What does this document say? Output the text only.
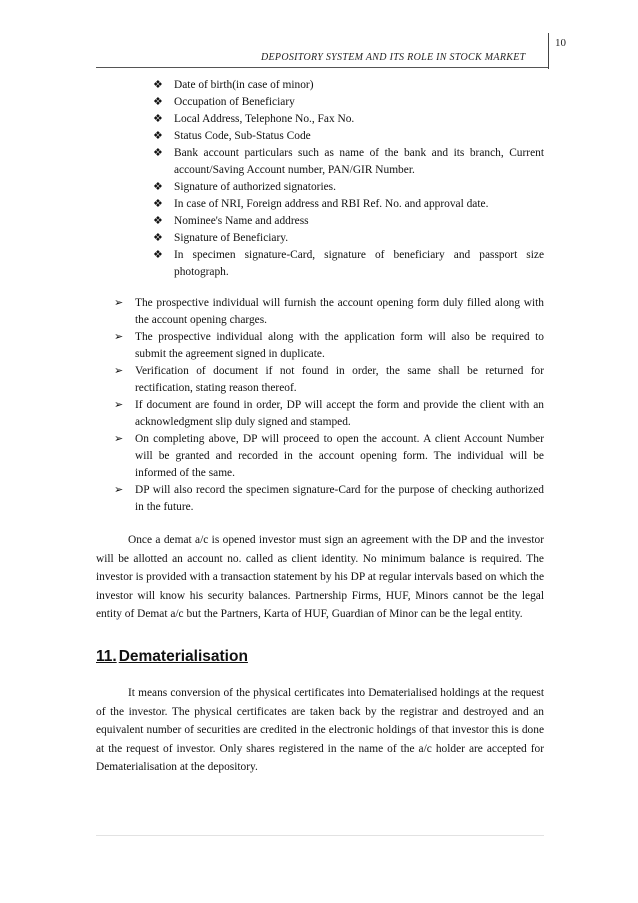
10
DEPOSITORY SYSTEM AND ITS ROLE IN STOCK MARKET
❖ Date of birth(in case of minor)
❖ Occupation of Beneficiary
❖ Local Address, Telephone No., Fax No.
❖ Status Code, Sub-Status Code
❖ Bank account particulars such as name of the bank and its branch, Current account/Saving Account number, PAN/GIR Number.
❖ Signature of authorized signatories.
❖ In case of NRI, Foreign address and RBI Ref. No. and approval date.
❖ Nominee's Name and address
❖ Signature of Beneficiary.
❖ In specimen signature-Card, signature of beneficiary and passport size photograph.
➢ The prospective individual will furnish the account opening form duly filled along with the account opening charges.
➢ The prospective individual along with the application form will also be required to submit the agreement signed in duplicate.
➢ Verification of document if not found in order, the same shall be returned for rectification, stating reason thereof.
➢ If document are found in order, DP will accept the form and provide the client with an acknowledgment slip duly signed and stamped.
➢ On completing above, DP will proceed to open the account. A client Account Number will be granted and recorded in the account opening form. The individual will be informed of the same.
➢ DP will also record the specimen signature-Card for the purpose of checking authorized in the future.

Once a demat a/c is opened investor must sign an agreement with the DP and the investor will be allotted an account no. called as client identity. No minimum balance is required. The investor is provided with a transaction statement by his DP at regular intervals based on which the investor will know his security balances. Partnership Firms, HUF, Minors cannot be the legal entity of Demat a/c but the Partners, Karta of HUF, Guardian of Minor can be the legal entity.

11. Dematerialisation

It means conversion of the physical certificates into Dematerialised holdings at the request of the investor. The physical certificates are taken back by the registrar and destroyed and an equivalent number of securities are credited in the electronic holdings of that investor this is done at the request of investor. Only shares registered in the name of the a/c holder are accepted for Dematerialisation at the depository.
